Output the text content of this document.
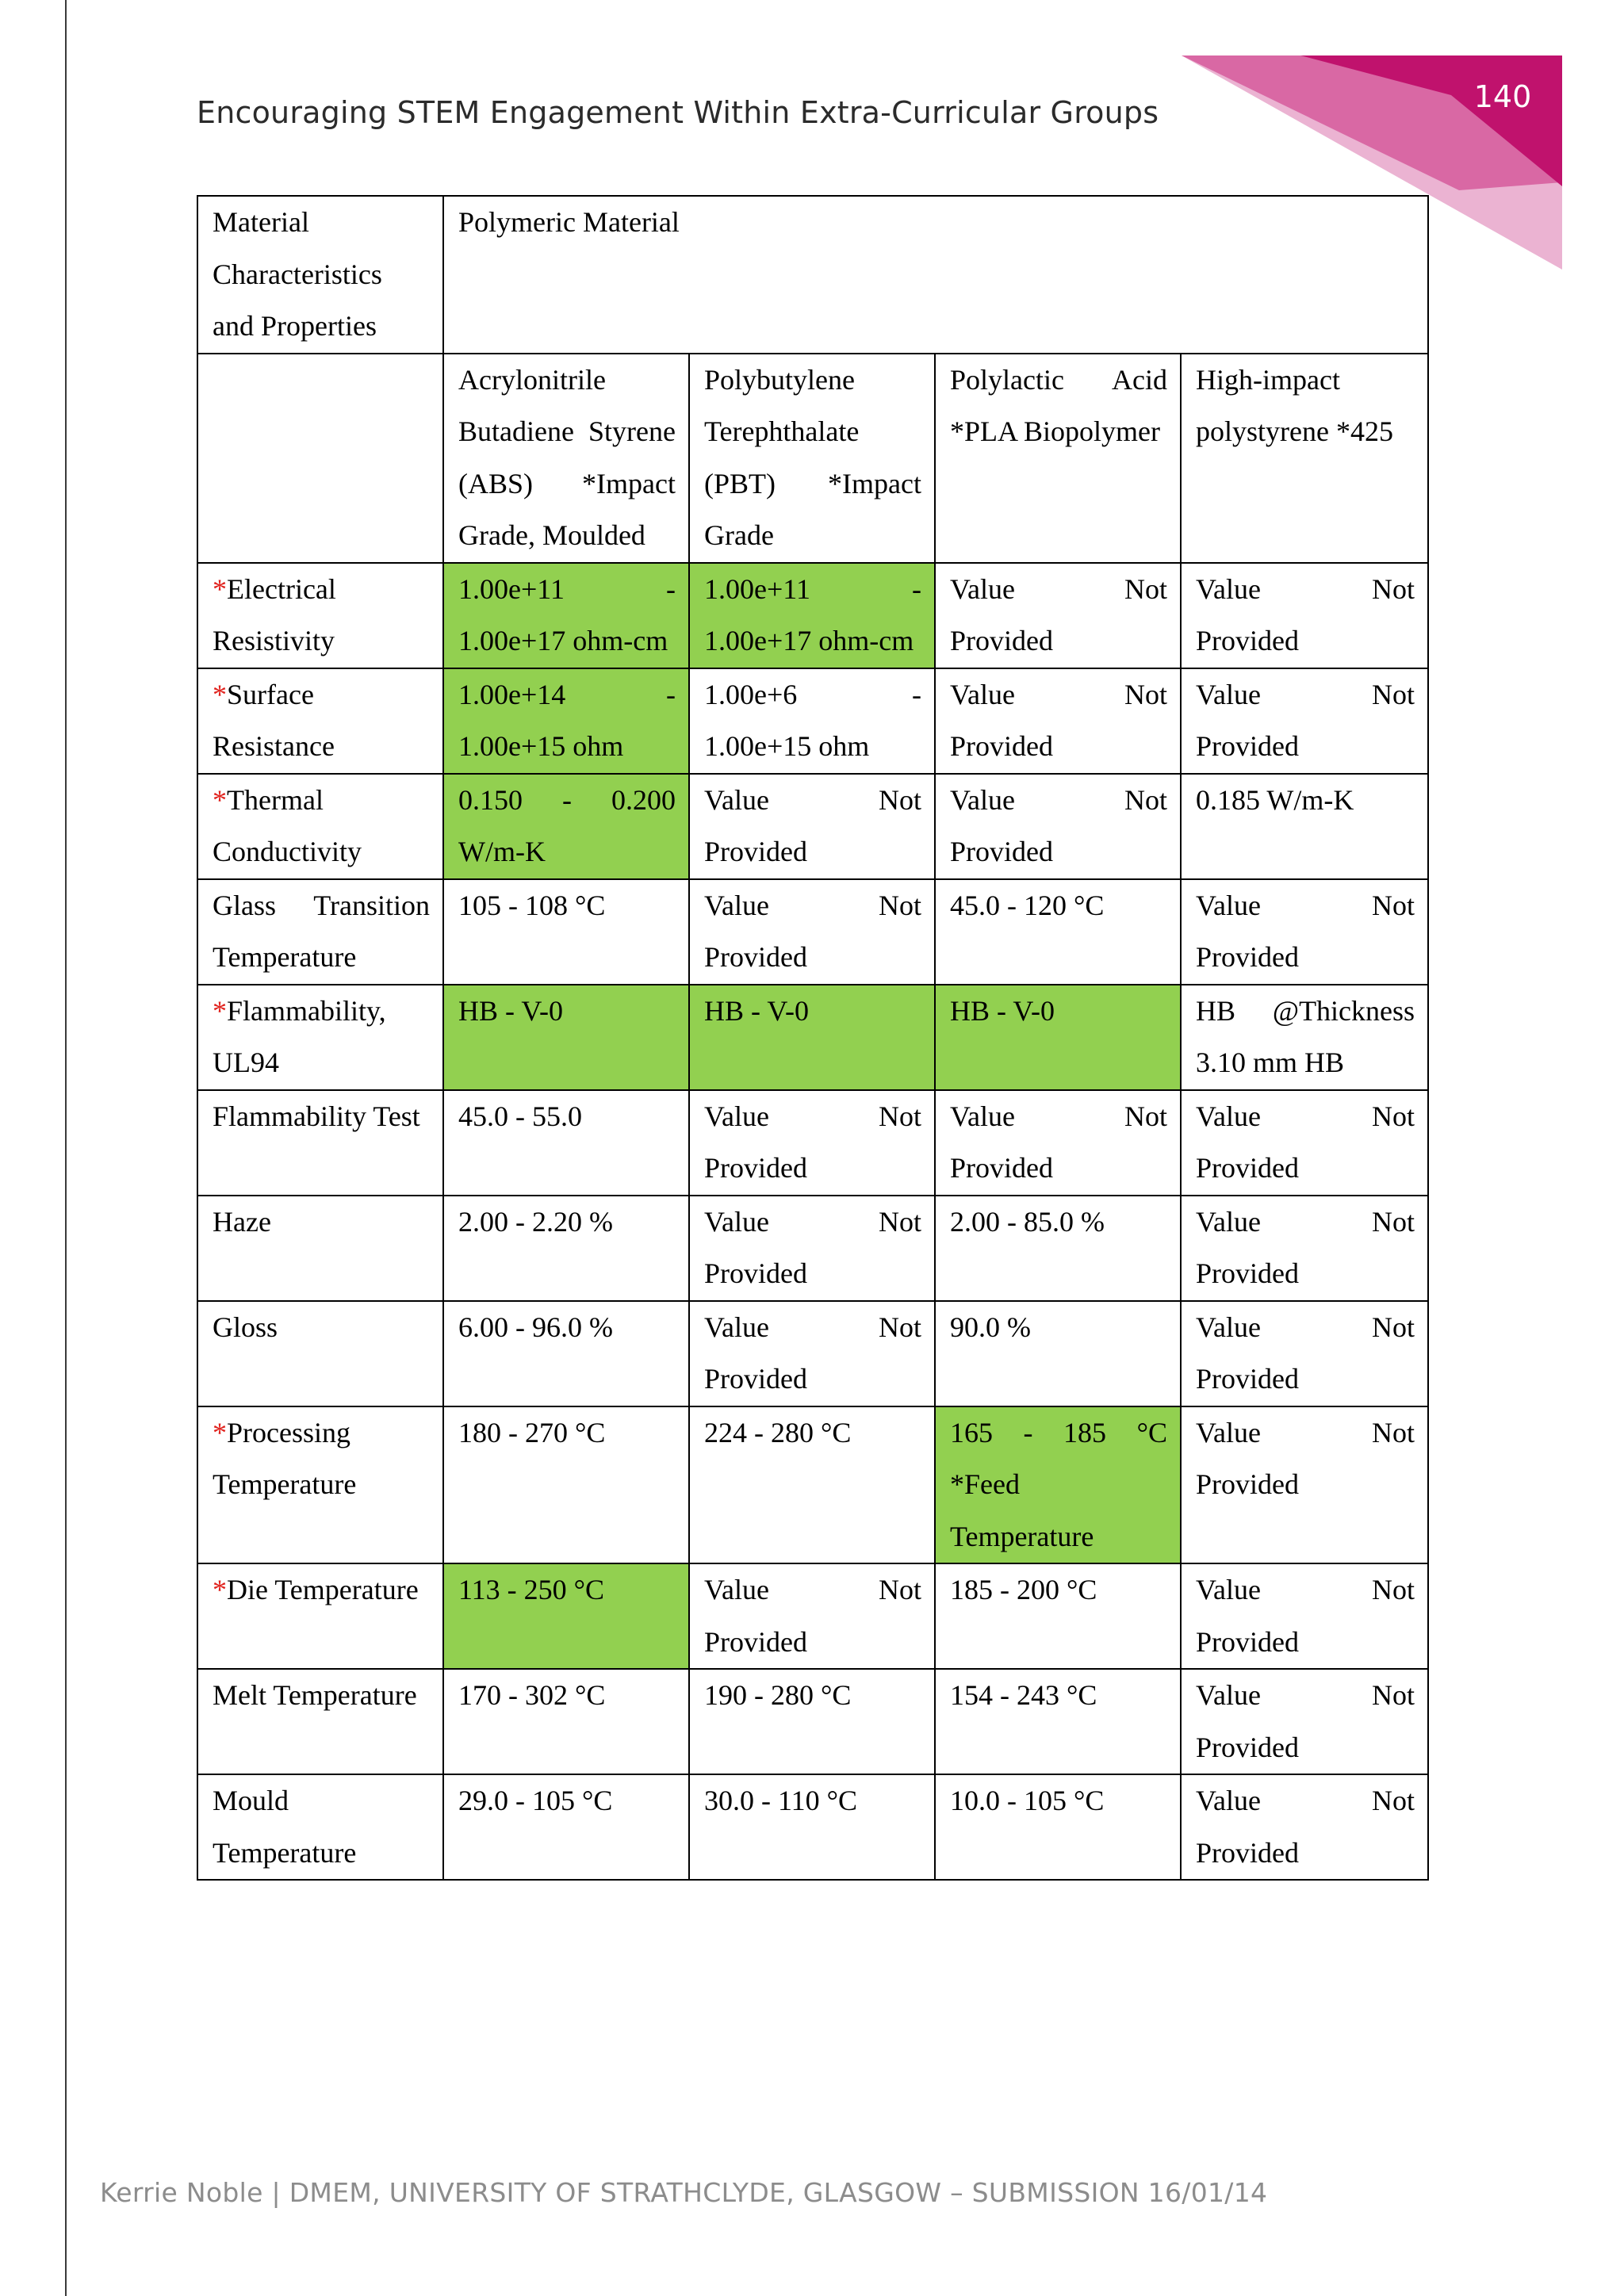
Encouraging STEM Engagement Within Extra-Curricular Groups	140
Material Characteristics and Properties	Polymeric Material			
	Acrylonitrile Butadiene Styrene (ABS) *Impact Grade, Moulded	Polybutylene Terephthalate (PBT) *Impact Grade	Polylactic Acid *PLA Biopolymer	High-impact polystyrene *425
*Electrical Resistivity	1.00e+11 - 1.00e+17 ohm-cm	1.00e+11 - 1.00e+17 ohm-cm	Value Not Provided	Value Not Provided
*Surface Resistance	1.00e+14 - 1.00e+15 ohm	1.00e+6 - 1.00e+15 ohm	Value Not Provided	Value Not Provided
*Thermal Conductivity	0.150 - 0.200 W/m-K	Value Not Provided	Value Not Provided	0.185 W/m-K
Glass Transition Temperature	105 - 108 °C	Value Not Provided	45.0 - 120 °C	Value Not Provided
*Flammability, UL94	HB - V-0	HB - V-0	HB - V-0	HB @Thickness 3.10 mm HB
Flammability Test	45.0 - 55.0	Value Not Provided	Value Not Provided	Value Not Provided
Haze	2.00 - 2.20 %	Value Not Provided	2.00 - 85.0 %	Value Not Provided
Gloss	6.00 - 96.0 %	Value Not Provided	90.0 %	Value Not Provided
*Processing Temperature	180 - 270 °C	224 - 280 °C	165 - 185 °C *Feed Temperature	Value Not Provided
*Die Temperature	113 - 250 °C	Value Not Provided	185 - 200 °C	Value Not Provided
Melt Temperature	170 - 302 °C	190 - 280 °C	154 - 243 °C	Value Not Provided
Mould Temperature	29.0 - 105 °C	30.0 - 110 °C	10.0 - 105 °C	Value Not Provided
Kerrie Noble | DMEM, UNIVERSITY OF STRATHCLYDE, GLASGOW – SUBMISSION 16/01/14
